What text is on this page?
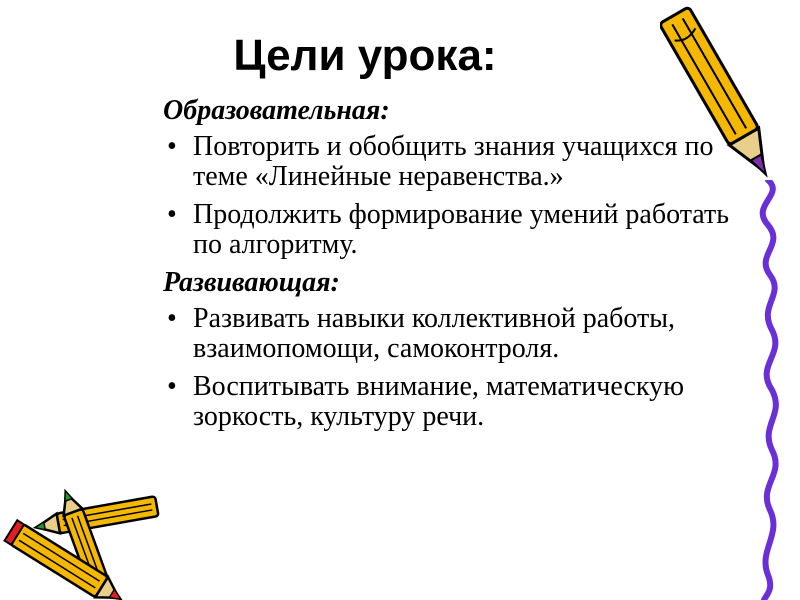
Цели урока:

Образовательная:

• Повторить и обобщить знания учащихся по теме «Линейные неравенства.»
• Продолжить формирование умений работать по алгоритму.

Развивающая:

• Развивать навыки коллективной работы, взаимопомощи, самоконтроля.
• Воспитывать внимание, математическую зоркость, культуру речи.
